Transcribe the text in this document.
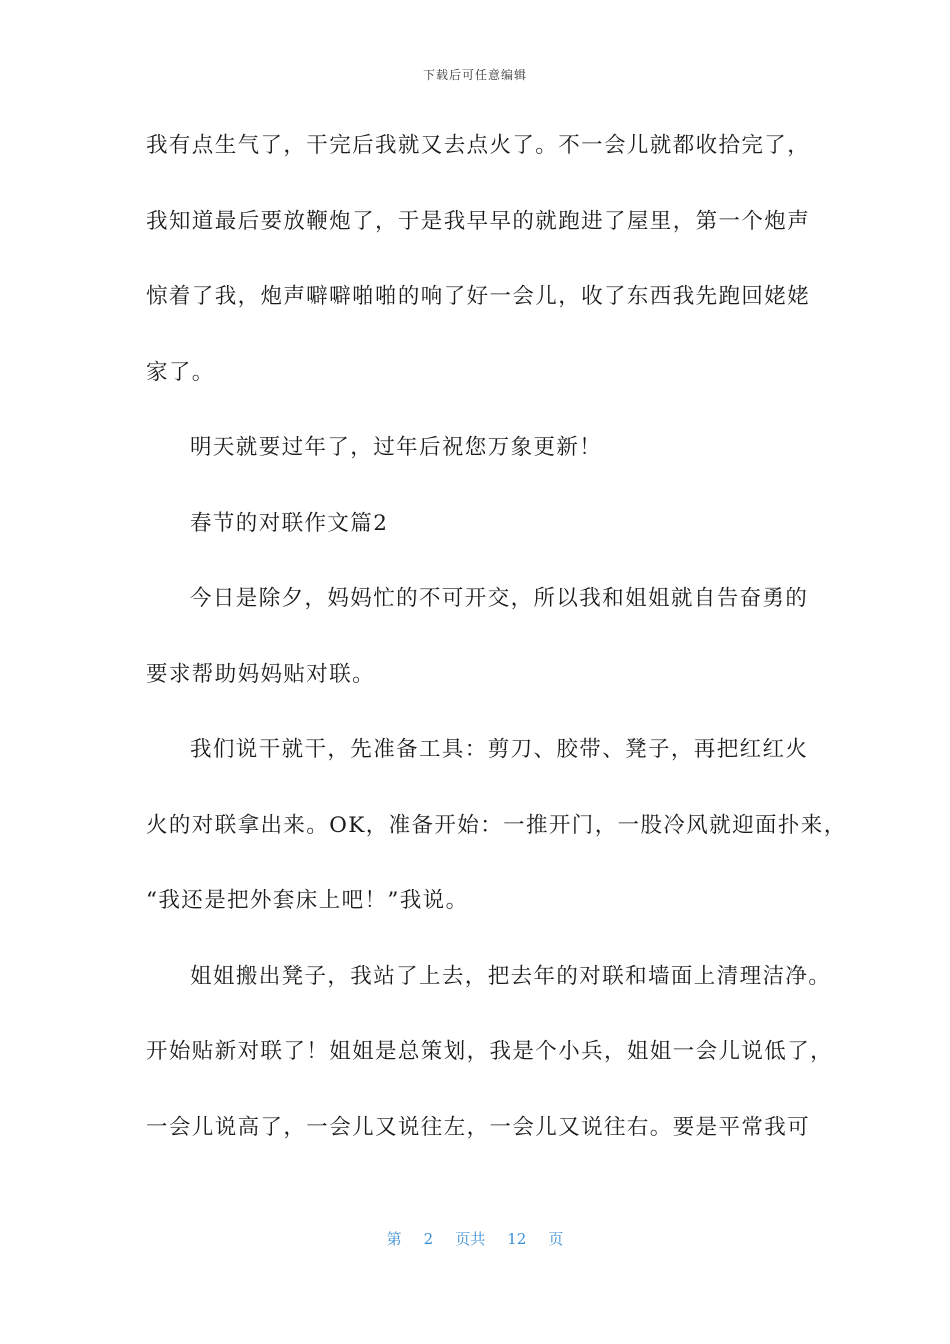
下载后可任意编辑
我有点生气了，干完后我就又去点火了。不一会儿就都收拾完了，
我知道最后要放鞭炮了，于是我早早的就跑进了屋里，第一个炮声
惊着了我，炮声噼噼啪啪的响了好一会儿，收了东西我先跑回姥姥
家了。
明天就要过年了，过年后祝您万象更新！
春节的对联作文篇2
今日是除夕，妈妈忙的不可开交，所以我和姐姐就自告奋勇的
要求帮助妈妈贴对联。
我们说干就干，先准备工具：剪刀、胶带、凳子，再把红红火
火的对联拿出来。OK，准备开始：一推开门，一股冷风就迎面扑来，
“我还是把外套床上吧！”我说。
姐姐搬出凳子，我站了上去，把去年的对联和墙面上清理洁净。
开始贴新对联了！姐姐是总策划，我是个小兵，姐姐一会儿说低了，
一会儿说高了，一会儿又说往左，一会儿又说往右。要是平常我可
第 2 页共 12 页
